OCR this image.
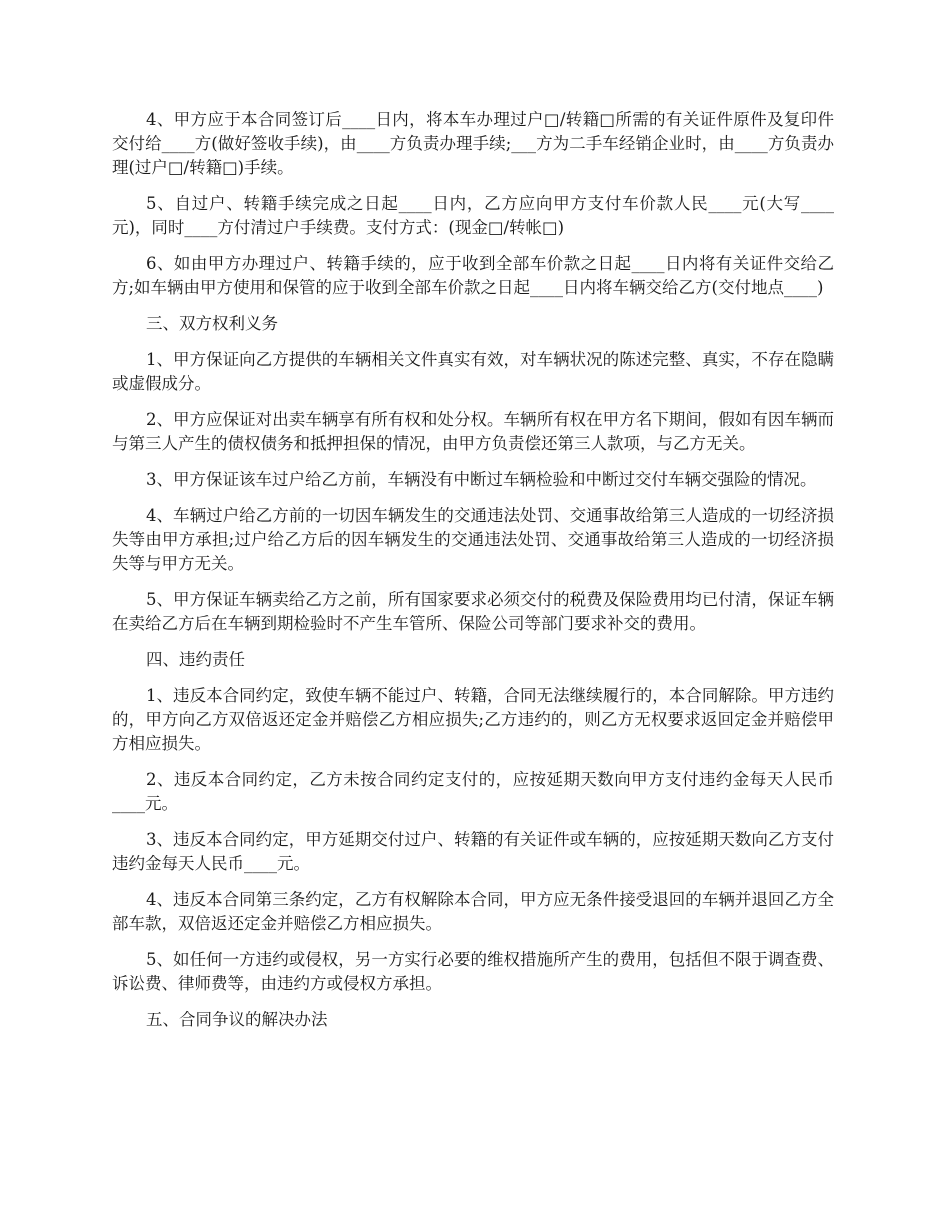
4、甲方应于本合同签订后____日内，将本车办理过户□/转籍□所需的有关证件原件及复印件交付给____方(做好签收手续)，由____方负责办理手续;___方为二手车经销企业时，由____方负责办理(过户□/转籍□)手续。

5、自过户、转籍手续完成之日起____日内，乙方应向甲方支付车价款人民____元(大写____元)，同时____方付清过户手续费。支付方式：(现金□/转帐□)

6、如由甲方办理过户、转籍手续的，应于收到全部车价款之日起____日内将有关证件交给乙方;如车辆由甲方使用和保管的应于收到全部车价款之日起____日内将车辆交给乙方(交付地点____)

三、双方权利义务

1、甲方保证向乙方提供的车辆相关文件真实有效，对车辆状况的陈述完整、真实，不存在隐瞒或虚假成分。

2、甲方应保证对出卖车辆享有所有权和处分权。车辆所有权在甲方名下期间，假如有因车辆而与第三人产生的债权债务和抵押担保的情况，由甲方负责偿还第三人款项，与乙方无关。

3、甲方保证该车过户给乙方前，车辆没有中断过车辆检验和中断过交付车辆交强险的情况。

4、车辆过户给乙方前的一切因车辆发生的交通违法处罚、交通事故给第三人造成的一切经济损失等由甲方承担;过户给乙方后的因车辆发生的交通违法处罚、交通事故给第三人造成的一切经济损失等与甲方无关。

5、甲方保证车辆卖给乙方之前，所有国家要求必须交付的税费及保险费用均已付清，保证车辆在卖给乙方后在车辆到期检验时不产生车管所、保险公司等部门要求补交的费用。

四、违约责任

1、违反本合同约定，致使车辆不能过户、转籍，合同无法继续履行的，本合同解除。甲方违约的，甲方向乙方双倍返还定金并赔偿乙方相应损失;乙方违约的，则乙方无权要求返回定金并赔偿甲方相应损失。

2、违反本合同约定，乙方未按合同约定支付的，应按延期天数向甲方支付违约金每天人民币____元。

3、违反本合同约定，甲方延期交付过户、转籍的有关证件或车辆的，应按延期天数向乙方支付违约金每天人民币____元。

4、违反本合同第三条约定，乙方有权解除本合同，甲方应无条件接受退回的车辆并退回乙方全部车款，双倍返还定金并赔偿乙方相应损失。

5、如任何一方违约或侵权，另一方实行必要的维权措施所产生的费用，包括但不限于调查费、诉讼费、律师费等，由违约方或侵权方承担。

五、合同争议的解决办法
